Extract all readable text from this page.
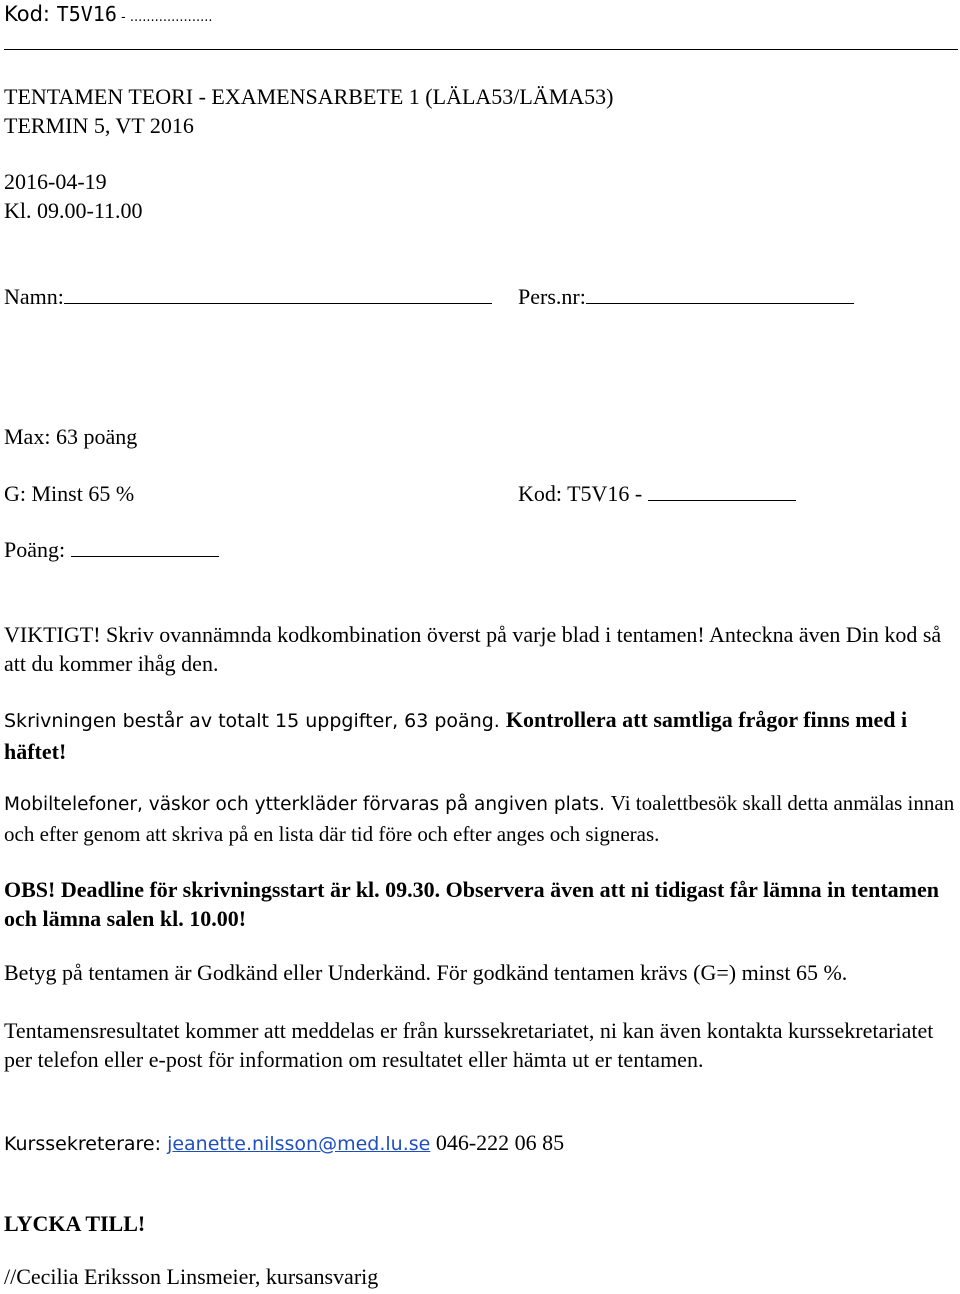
Kod: T5V16 - ....................
TENTAMEN TEORI - EXAMENSARBETE 1 (LÄLA53/LÄMA53)
TERMIN 5, VT 2016
2016-04-19
Kl. 09.00-11.00
Namn:	Pers.nr:
Max: 63 poäng
G: Minst 65 %	Kod: T5V16 -
Poäng:
VIKTIGT! Skriv ovannämnda kodkombination överst på varje blad i tentamen! Anteckna även Din kod så att du kommer ihåg den.
Skrivningen består av totalt 15 uppgifter, 63 poäng. Kontrollera att samtliga frågor finns med i häftet!
Mobiltelefoner, väskor och ytterkläder förvaras på angiven plats. Vi toalettbesök skall detta anmälas innan och efter genom att skriva på en lista där tid före och efter anges och signeras.
OBS! Deadline för skrivningsstart är kl. 09.30. Observera även att ni tidigast får lämna in tentamen och lämna salen kl. 10.00!
Betyg på tentamen är Godkänd eller Underkänd. För godkänd tentamen krävs (G=) minst 65 %.
Tentamensresultatet kommer att meddelas er från kurssekretariatet, ni kan även kontakta kurssekretariatet per telefon eller e-post för information om resultatet eller hämta ut er tentamen.
Kurssekreterare: jeanette.nilsson@med.lu.se 046-222 06 85
LYCKA TILL!
//Cecilia Eriksson Linsmeier, kursansvarig
